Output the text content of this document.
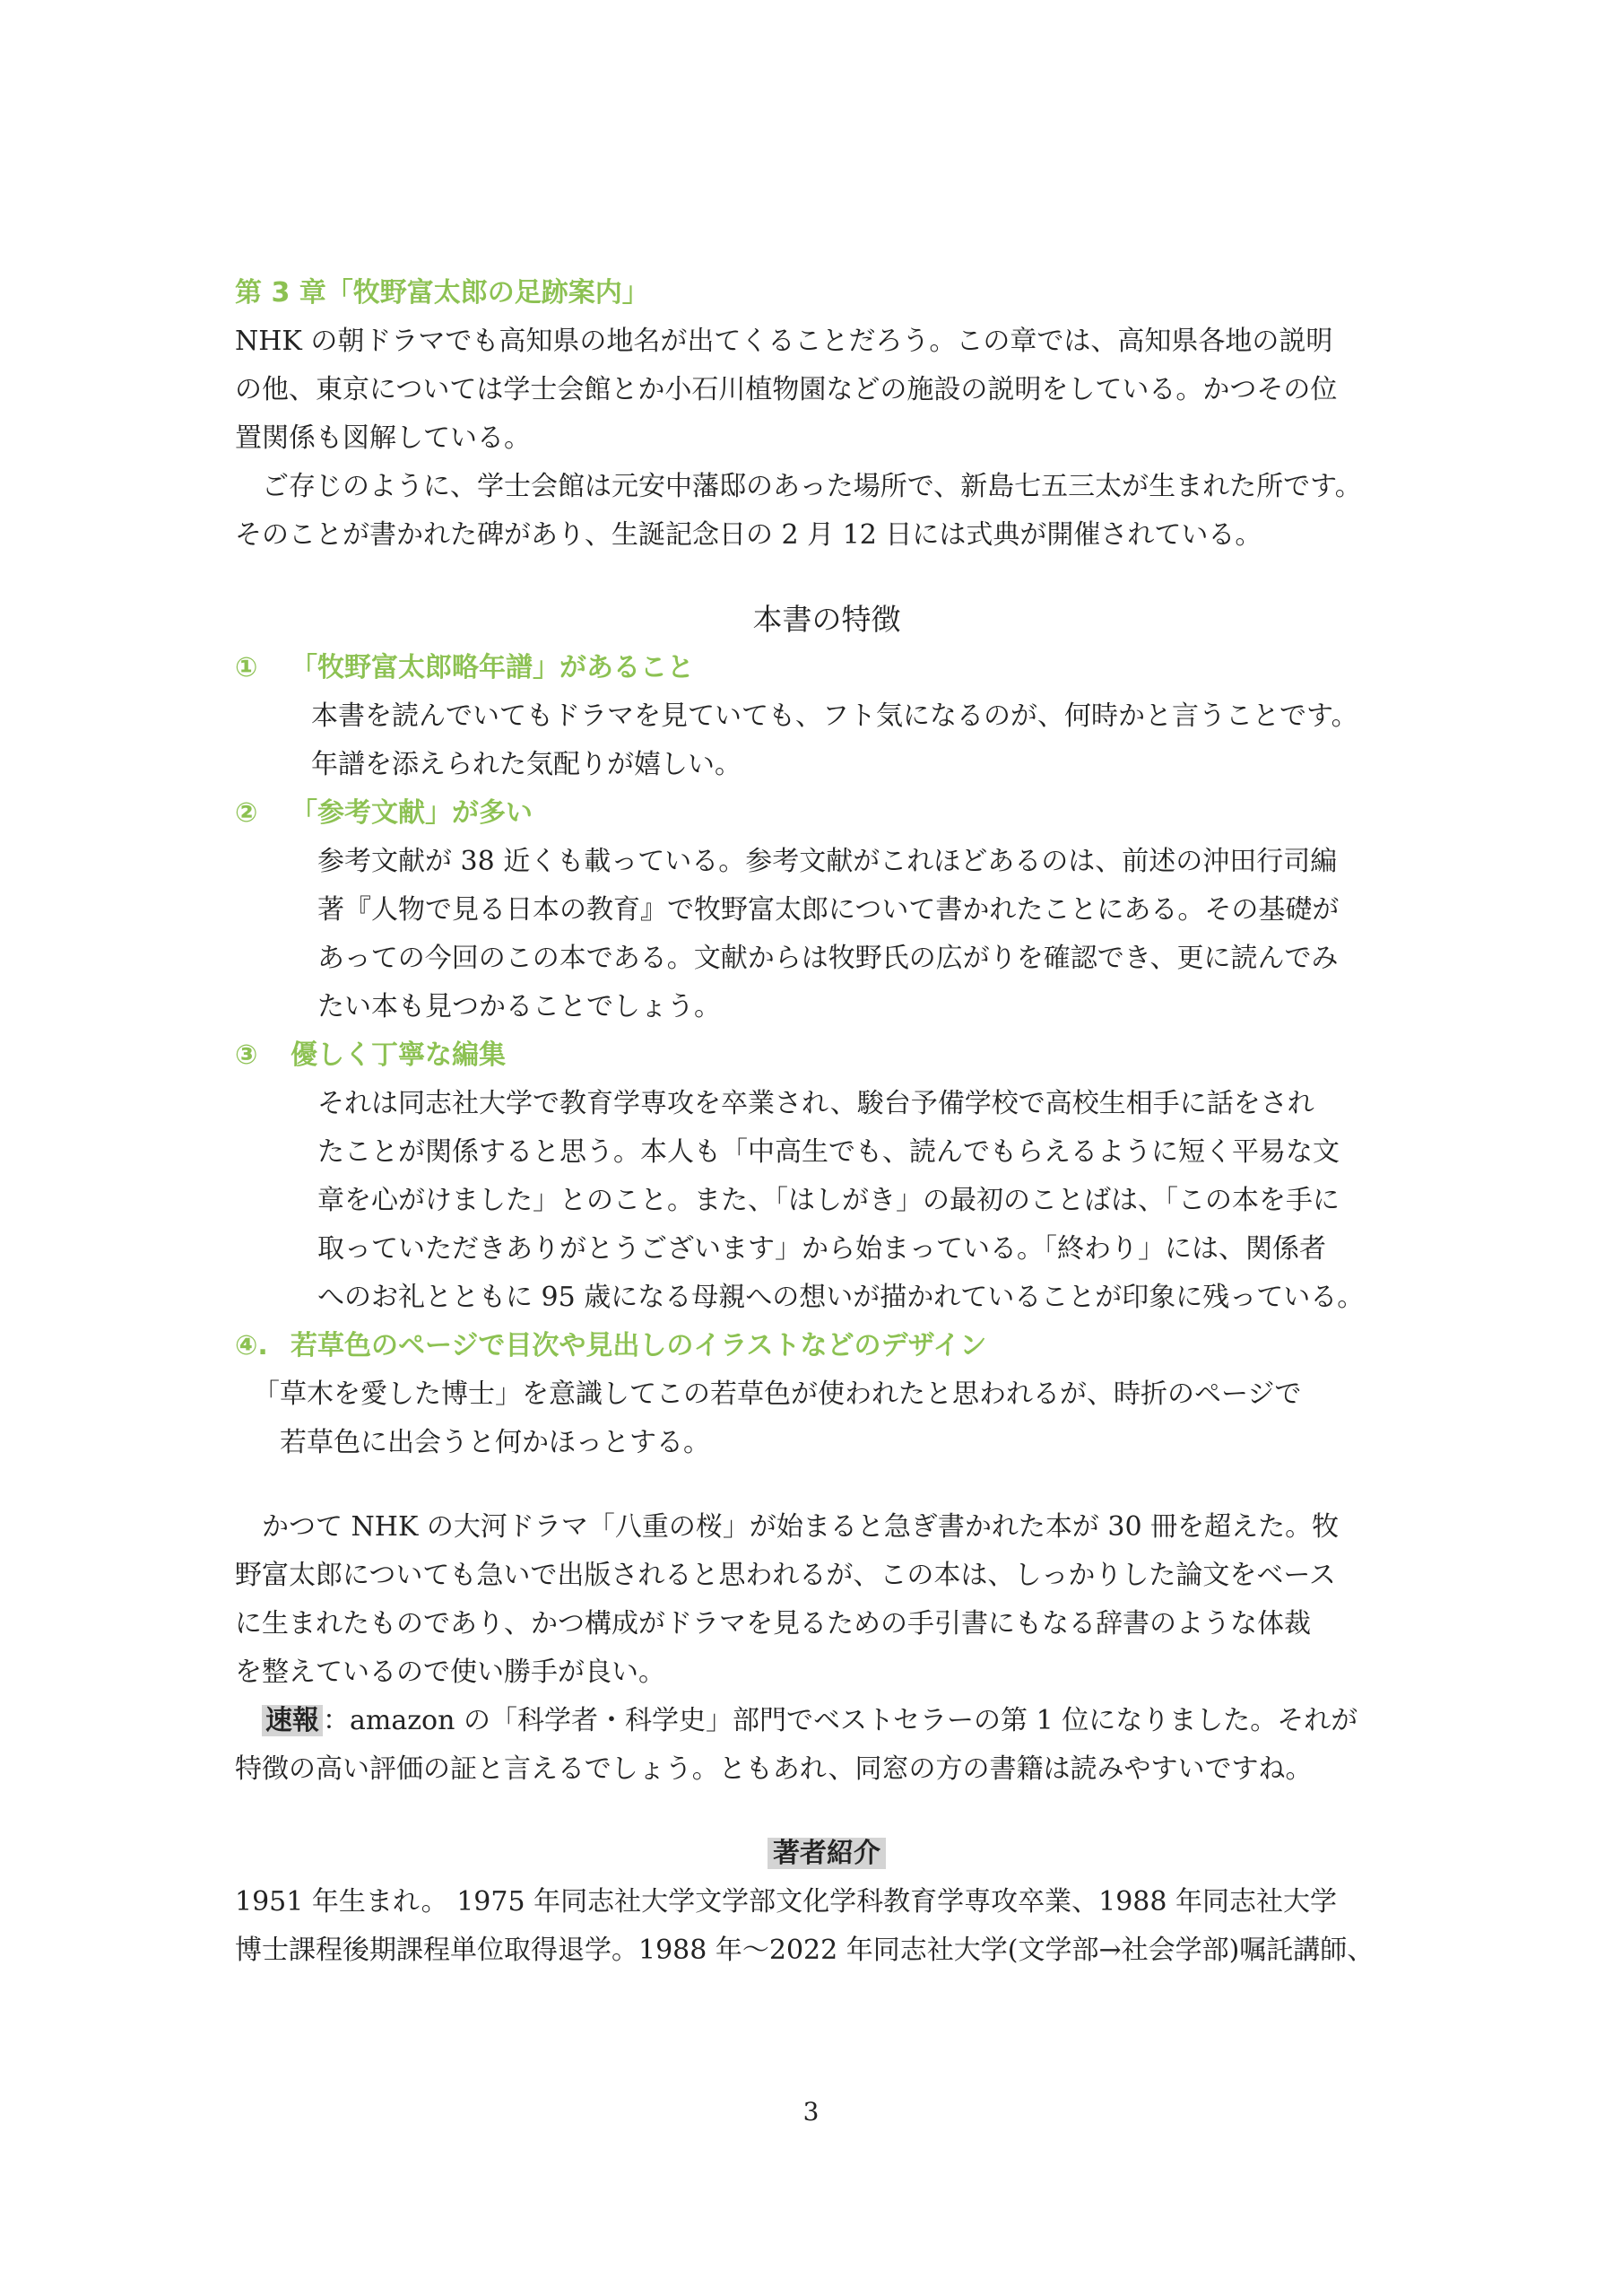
第 3 章「牧野富太郎の足跡案内」

NHK の朝ドラマでも高知県の地名が出てくることだろう。この章では、高知県各地の説明
の他、東京については学士会館とか小石川植物園などの施設の説明をしている。かつその位
置関係も図解している。
　ご存じのように、学士会館は元安中藩邸のあった場所で、新島七五三太が生まれた所です。
そのことが書かれた碑があり、生誕記念日の 2 月 12 日には式典が開催されている。

本書の特徴

① 「牧野富太郎略年譜」があること

本書を読んでいてもドラマを見ていても、フト気になるのが、何時かと言うことです。
年譜を添えられた気配りが嬉しい。

② 「参考文献」が多い

参考文献が 38 近くも載っている。参考文献がこれほどあるのは、前述の沖田行司編
著『人物で見る日本の教育』で牧野富太郎について書かれたことにある。その基礎が
あっての今回のこの本である。文献からは牧野氏の広がりを確認でき、更に読んでみ
たい本も見つかることでしょう。

③ 優しく丁寧な編集

それは同志社大学で教育学専攻を卒業され、駿台予備学校で高校生相手に話をされ
たことが関係すると思う。本人も「中高生でも、読んでもらえるように短く平易な文
章を心がけました」とのこと。また、「はしがき」の最初のことばは、「この本を手に
取っていただきありがとうございます」から始まっている。「終わり」には、関係者
へのお礼とともに 95 歳になる母親への想いが描かれていることが印象に残っている。

④. 若草色のページで目次や見出しのイラストなどのデザイン

「草木を愛した博士」を意識してこの若草色が使われたと思われるが、時折のページで
　若草色に出会うと何かほっとする。
　かつて NHK の大河ドラマ「八重の桜」が始まると急ぎ書かれた本が 30 冊を超えた。牧
野富太郎についても急いで出版されると思われるが、この本は、しっかりした論文をベース
に生まれたものであり、かつ構成がドラマを見るための手引書にもなる辞書のような体裁
を整えているので使い勝手が良い。
　速報 ：amazon の「科学者・科学史」部門でベストセラーの第 1 位になりました。それが
特徴の高い評価の証と言えるでしょう。ともあれ、同窓の方の書籍は読みやすいですね。

著者紹介

1951 年生まれ。 1975 年同志社大学文学部文化学科教育学専攻卒業、1988 年同志社大学
博士課程後期課程単位取得退学。1988 年～2022 年同志社大学(文学部→社会学部)嘱託講師、
3
